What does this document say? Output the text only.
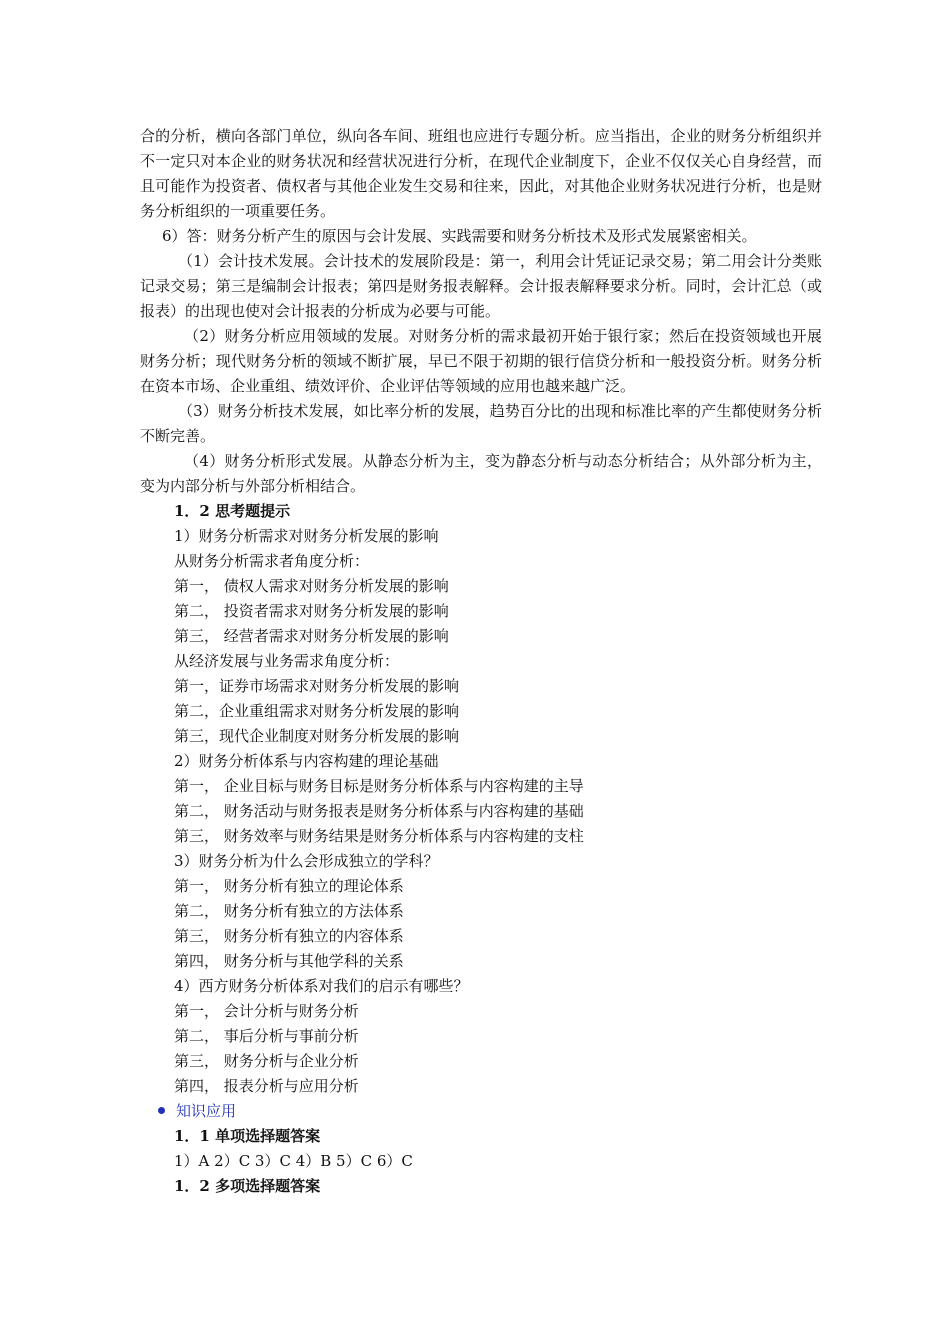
合的分析，横向各部门单位，纵向各车间、班组也应进行专题分析。应当指出，企业的财务分析组织并不一定只对本企业的财务状况和经营状况进行分析，在现代企业制度下，企业不仅仅关心自身经营，而且可能作为投资者、债权者与其他企业发生交易和往来，因此，对其他企业财务状况进行分析，也是财务分析组织的一项重要任务。

6）答：财务分析产生的原因与会计发展、实践需要和财务分析技术及形式发展紧密相关。

（1）会计技术发展。会计技术的发展阶段是：第一，利用会计凭证记录交易；第二用会计分类账记录交易；第三是编制会计报表；第四是财务报表解释。会计报表解释要求分析。同时，会计汇总（或报表）的出现也使对会计报表的分析成为必要与可能。

（2）财务分析应用领域的发展。对财务分析的需求最初开始于银行家；然后在投资领域也开展财务分析；现代财务分析的领域不断扩展，早已不限于初期的银行信贷分析和一般投资分析。财务分析在资本市场、企业重组、绩效评价、企业评估等领域的应用也越来越广泛。

（3）财务分析技术发展，如比率分析的发展，趋势百分比的出现和标准比率的产生都使财务分析不断完善。

（4）财务分析形式发展。从静态分析为主，变为静态分析与动态分析结合；从外部分析为主，变为内部分析与外部分析相结合。

1．2 思考题提示

1）财务分析需求对财务分析发展的影响

从财务分析需求者角度分析：

第一， 债权人需求对财务分析发展的影响

第二， 投资者需求对财务分析发展的影响

第三， 经营者需求对财务分析发展的影响

从经济发展与业务需求角度分析：

第一，证券市场需求对财务分析发展的影响

第二，企业重组需求对财务分析发展的影响

第三，现代企业制度对财务分析发展的影响

2）财务分析体系与内容构建的理论基础

第一， 企业目标与财务目标是财务分析体系与内容构建的主导

第二， 财务活动与财务报表是财务分析体系与内容构建的基础

第三， 财务效率与财务结果是财务分析体系与内容构建的支柱

3）财务分析为什么会形成独立的学科？

第一， 财务分析有独立的理论体系

第二， 财务分析有独立的方法体系

第三， 财务分析有独立的内容体系

第四， 财务分析与其他学科的关系

4）西方财务分析体系对我们的启示有哪些？

第一， 会计分析与财务分析

第二， 事后分析与事前分析

第三， 财务分析与企业分析

第四， 报表分析与应用分析

知识应用

1．1 单项选择题答案

1）A 2）C 3）C 4）B 5）C 6）C

1．2 多项选择题答案
